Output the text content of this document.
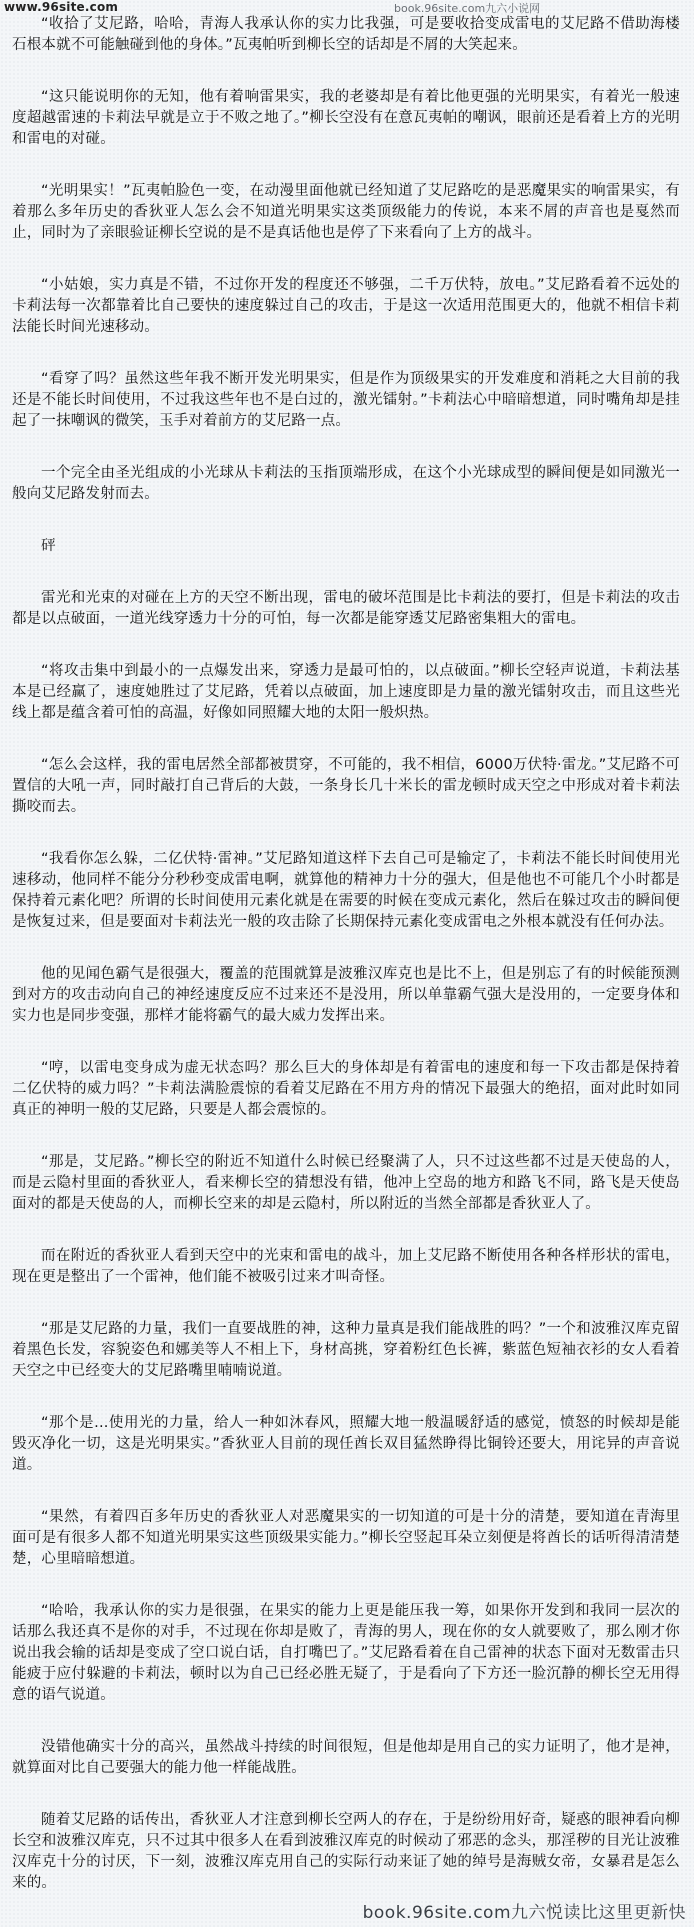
www.96site.com	book.96site.com九六小说网

“收拾了艾尼路，哈哈，青海人我承认你的实力比我强，可是要收拾变成雷电的艾尼路不借助海楼石根本就不可能触碰到他的身体。”瓦夷帕听到柳长空的话却是不屑的大笑起来。

“这只能说明你的无知，他有着响雷果实，我的老婆却是有着比他更强的光明果实，有着光一般速度超越雷速的卡莉法早就是立于不败之地了。”柳长空没有在意瓦夷帕的嘲讽，眼前还是看着上方的光明和雷电的对碰。

“光明果实！”瓦夷帕脸色一变，在动漫里面他就已经知道了艾尼路吃的是恶魔果实的响雷果实，有着那么多年历史的香狄亚人怎么会不知道光明果实这类顶级能力的传说，本来不屑的声音也是戛然而止，同时为了亲眼验证柳长空说的是不是真话他也是停了下来看向了上方的战斗。

“小姑娘，实力真是不错，不过你开发的程度还不够强，二千万伏特，放电。”艾尼路看着不远处的卡莉法每一次都靠着比自己要快的速度躲过自己的攻击，于是这一次适用范围更大的，他就不相信卡莉法能长时间光速移动。

“看穿了吗？虽然这些年我不断开发光明果实，但是作为顶级果实的开发难度和消耗之大目前的我还是不能长时间使用，不过我这些年也不是白过的，激光镭射。”卡莉法心中暗暗想道，同时嘴角却是挂起了一抹嘲讽的微笑，玉手对着前方的艾尼路一点。

一个完全由圣光组成的小光球从卡莉法的玉指顶端形成，在这个小光球成型的瞬间便是如同激光一般向艾尼路发射而去。

砰

雷光和光束的对碰在上方的天空不断出现，雷电的破坏范围是比卡莉法的要打，但是卡莉法的攻击都是以点破面，一道光线穿透力十分的可怕，每一次都是能穿透艾尼路密集粗大的雷电。

“将攻击集中到最小的一点爆发出来，穿透力是最可怕的，以点破面。”柳长空轻声说道，卡莉法基本是已经赢了，速度她胜过了艾尼路，凭着以点破面，加上速度即是力量的激光镭射攻击，而且这些光线上都是蕴含着可怕的高温，好像如同照耀大地的太阳一般炽热。

“怎么会这样，我的雷电居然全部都被贯穿，不可能的，我不相信，6000万伏特·雷龙。”艾尼路不可置信的大吼一声，同时敲打自己背后的大鼓，一条身长几十米长的雷龙顿时成天空之中形成对着卡莉法撕咬而去。

“我看你怎么躲，二亿伏特·雷神。”艾尼路知道这样下去自己可是输定了，卡莉法不能长时间使用光速移动，他同样不能分分秒秒变成雷电啊，就算他的精神力十分的强大，但是他也不可能几个小时都是保持着元素化吧？所谓的长时间使用元素化就是在需要的时候在变成元素化，然后在躲过攻击的瞬间便是恢复过来，但是要面对卡莉法光一般的攻击除了长期保持元素化变成雷电之外根本就没有任何办法。

他的见闻色霸气是很强大，覆盖的范围就算是波雅汉库克也是比不上，但是别忘了有的时候能预测到对方的攻击动向自己的神经速度反应不过来还不是没用，所以单靠霸气强大是没用的，一定要身体和实力也是同步变强，那样才能将霸气的最大威力发挥出来。

“哼，以雷电变身成为虚无状态吗？那么巨大的身体却是有着雷电的速度和每一下攻击都是保持着二亿伏特的威力吗？”卡莉法满脸震惊的看着艾尼路在不用方舟的情况下最强大的绝招，面对此时如同真正的神明一般的艾尼路，只要是人都会震惊的。

“那是，艾尼路。”柳长空的附近不知道什么时候已经聚满了人，只不过这些都不过是天使岛的人，而是云隐村里面的香狄亚人，看来柳长空的猜想没有错，他冲上空岛的地方和路飞不同，路飞是天使岛面对的都是天使岛的人，而柳长空来的却是云隐村，所以附近的当然全部都是香狄亚人了。

而在附近的香狄亚人看到天空中的光束和雷电的战斗，加上艾尼路不断使用各种各样形状的雷电，现在更是整出了一个雷神，他们能不被吸引过来才叫奇怪。

“那是艾尼路的力量，我们一直要战胜的神，这种力量真是我们能战胜的吗？”一个和波雅汉库克留着黑色长发，容貌姿色和娜美等人不相上下，身材高挑，穿着粉红色长裤，紫蓝色短袖衣衫的女人看着天空之中已经变大的艾尼路嘴里喃喃说道。

“那个是...使用光的力量，给人一种如沐春风，照耀大地一般温暖舒适的感觉，愤怒的时候却是能毁灭净化一切，这是光明果实。”香狄亚人目前的现任酋长双目猛然睁得比铜铃还要大，用诧异的声音说道。

“果然，有着四百多年历史的香狄亚人对恶魔果实的一切知道的可是十分的清楚，要知道在青海里面可是有很多人都不知道光明果实这些顶级果实能力。”柳长空竖起耳朵立刻便是将酋长的话听得清清楚楚，心里暗暗想道。

“哈哈，我承认你的实力是很强，在果实的能力上更是能压我一筹，如果你开发到和我同一层次的话那么我还真不是你的对手，不过现在你却是败了，青海的男人，现在你的女人就要败了，那么刚才你说出我会输的话却是变成了空口说白话，自打嘴巴了。”艾尼路看着在自己雷神的状态下面对无数雷击只能疲于应付躲避的卡莉法，顿时以为自己已经必胜无疑了，于是看向了下方还一脸沉静的柳长空无用得意的语气说道。

没错他确实十分的高兴，虽然战斗持续的时间很短，但是他却是用自己的实力证明了，他才是神，就算面对比自己要强大的能力他一样能战胜。

随着艾尼路的话传出，香狄亚人才注意到柳长空两人的存在，于是纷纷用好奇，疑惑的眼神看向柳长空和波雅汉库克，只不过其中很多人在看到波雅汉库克的时候动了邪恶的念头，那淫秽的目光让波雅汉库克十分的讨厌，下一刻，波雅汉库克用自己的实际行动来证了她的绰号是海贼女帝，女暴君是怎么来的。

book.96site.com九六悦读比这里更新快
